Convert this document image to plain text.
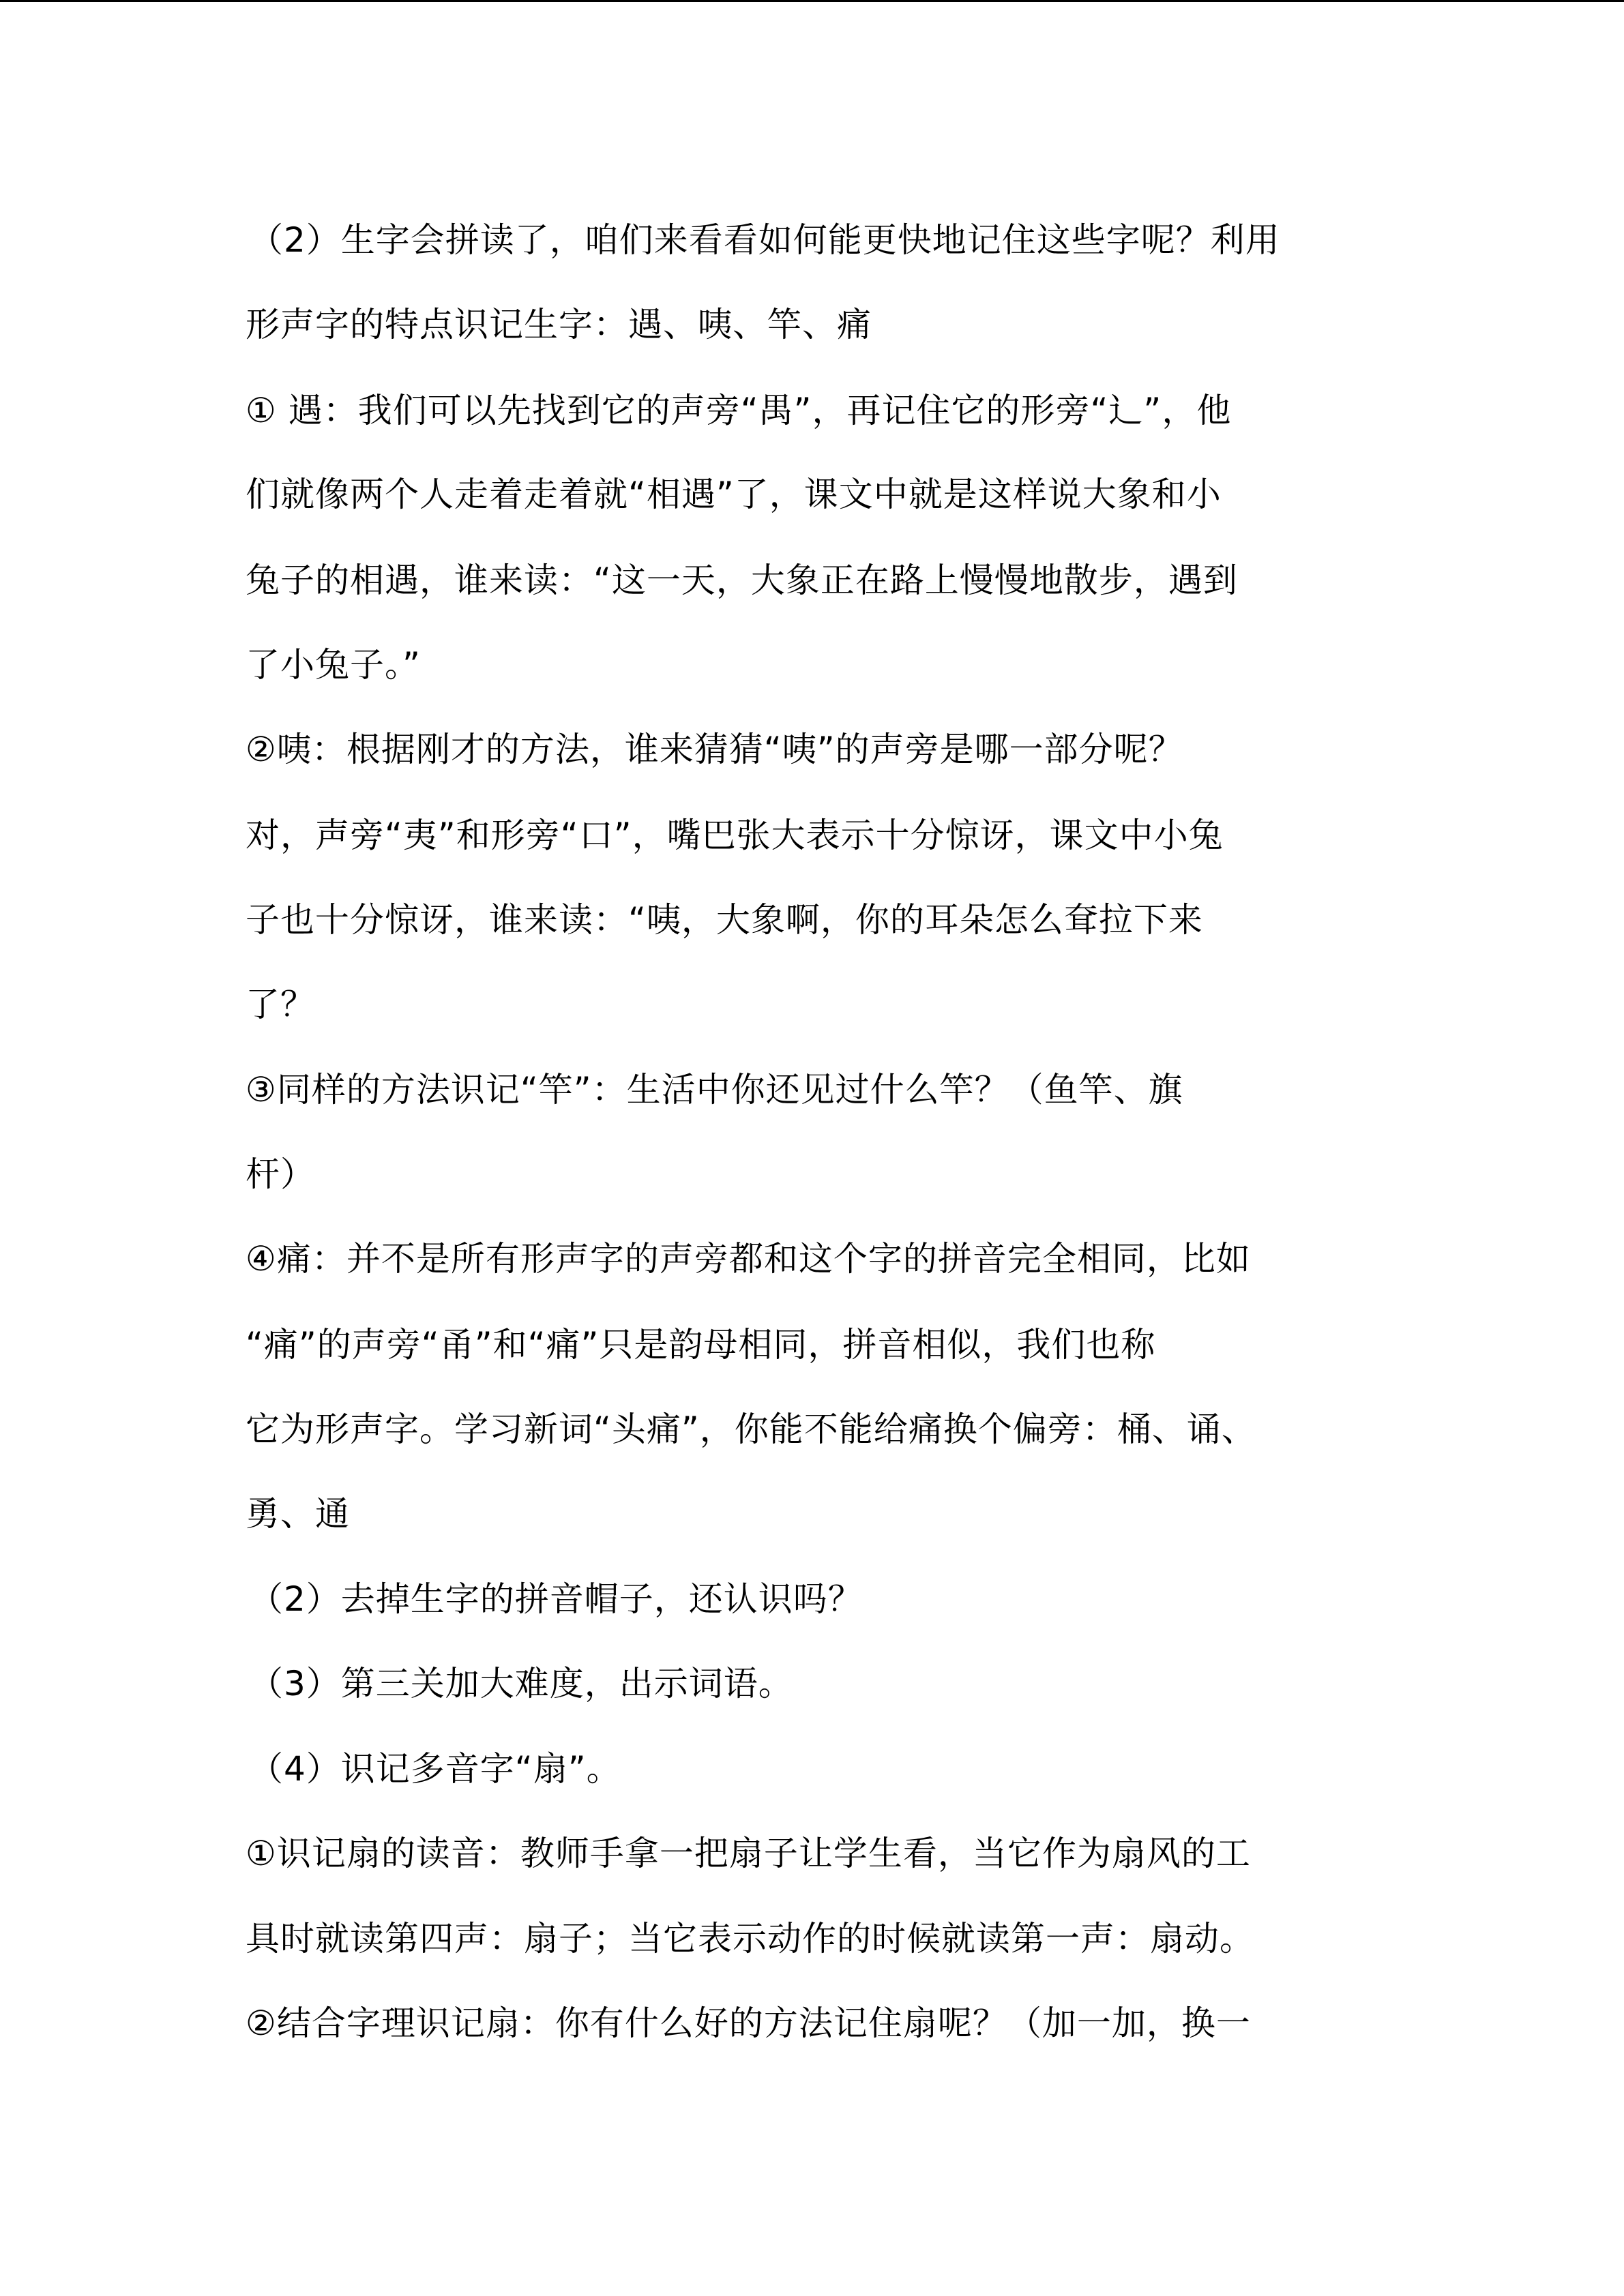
（2）生字会拼读了，咱们来看看如何能更快地记住这些字呢？利用
形声字的特点识记生字：遇、咦、竿、痛
① 遇：我们可以先找到它的声旁“禺”，再记住它的形旁“辶”，他
们就像两个人走着走着就“相遇”了，课文中就是这样说大象和小
兔子的相遇，谁来读：“这一天，大象正在路上慢慢地散步，遇到
了小兔子。”
②咦：根据刚才的方法，谁来猜猜“咦”的声旁是哪一部分呢？
对，声旁“夷”和形旁“口”，嘴巴张大表示十分惊讶，课文中小兔
子也十分惊讶，谁来读：“咦，大象啊，你的耳朵怎么耷拉下来
了？
③同样的方法识记“竿”：生活中你还见过什么竿？（鱼竿、旗
杆）
④痛：并不是所有形声字的声旁都和这个字的拼音完全相同，比如
“痛”的声旁“甬”和“痛”只是韵母相同，拼音相似，我们也称
它为形声字。学习新词“头痛”，你能不能给痛换个偏旁：桶、诵、
勇、通
（2）去掉生字的拼音帽子，还认识吗？
（3）第三关加大难度，出示词语。
（4）识记多音字“扇”。
①识记扇的读音：教师手拿一把扇子让学生看，当它作为扇风的工
具时就读第四声：扇子；当它表示动作的时候就读第一声：扇动。
②结合字理识记扇：你有什么好的方法记住扇呢？（加一加，换一
